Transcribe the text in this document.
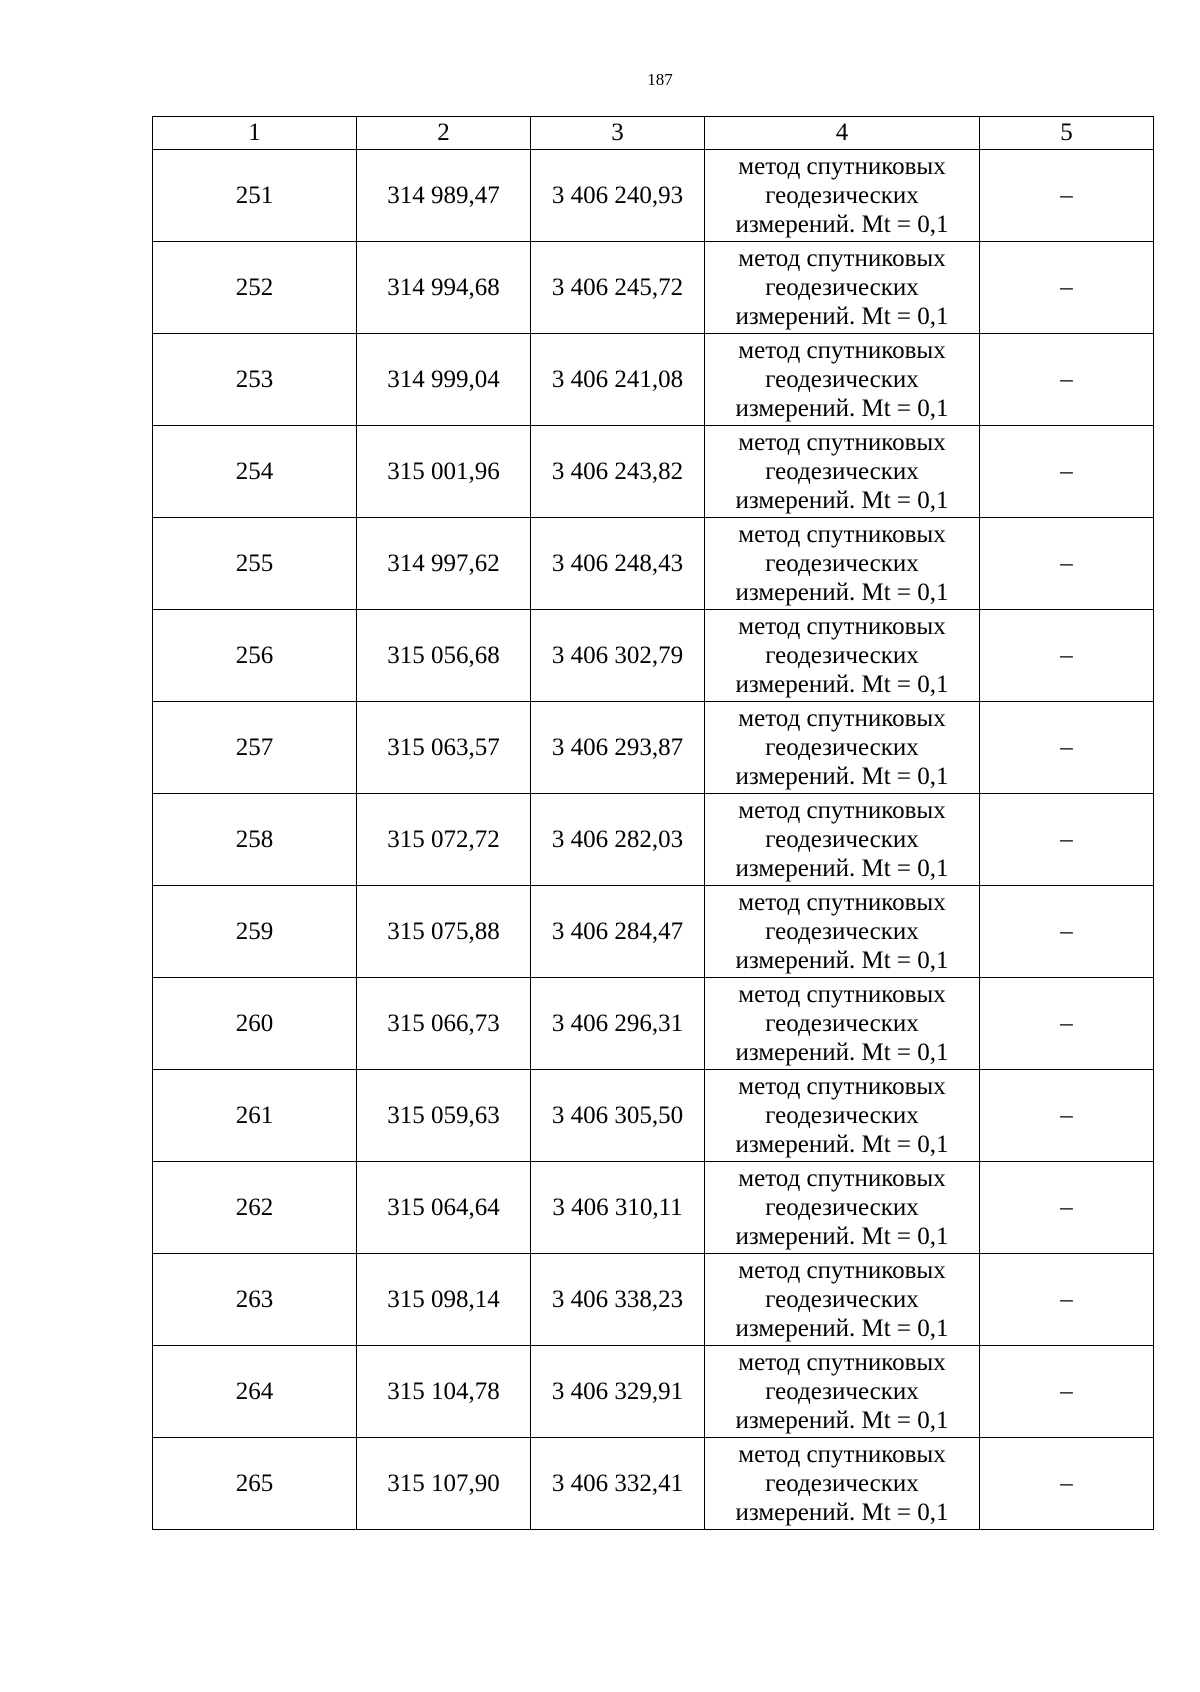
187
1	2	3	4	5
251	314 989,47	3 406 240,93	метод спутниковых
геодезических
измерений. Mt = 0,1	–
252	314 994,68	3 406 245,72	метод спутниковых
геодезических
измерений. Mt = 0,1	–
253	314 999,04	3 406 241,08	метод спутниковых
геодезических
измерений. Mt = 0,1	–
254	315 001,96	3 406 243,82	метод спутниковых
геодезических
измерений. Mt = 0,1	–
255	314 997,62	3 406 248,43	метод спутниковых
геодезических
измерений. Mt = 0,1	–
256	315 056,68	3 406 302,79	метод спутниковых
геодезических
измерений. Mt = 0,1	–
257	315 063,57	3 406 293,87	метод спутниковых
геодезических
измерений. Mt = 0,1	–
258	315 072,72	3 406 282,03	метод спутниковых
геодезических
измерений. Mt = 0,1	–
259	315 075,88	3 406 284,47	метод спутниковых
геодезических
измерений. Mt = 0,1	–
260	315 066,73	3 406 296,31	метод спутниковых
геодезических
измерений. Mt = 0,1	–
261	315 059,63	3 406 305,50	метод спутниковых
геодезических
измерений. Mt = 0,1	–
262	315 064,64	3 406 310,11	метод спутниковых
геодезических
измерений. Mt = 0,1	–
263	315 098,14	3 406 338,23	метод спутниковых
геодезических
измерений. Mt = 0,1	–
264	315 104,78	3 406 329,91	метод спутниковых
геодезических
измерений. Mt = 0,1	–
265	315 107,90	3 406 332,41	метод спутниковых
геодезических
измерений. Mt = 0,1	–
